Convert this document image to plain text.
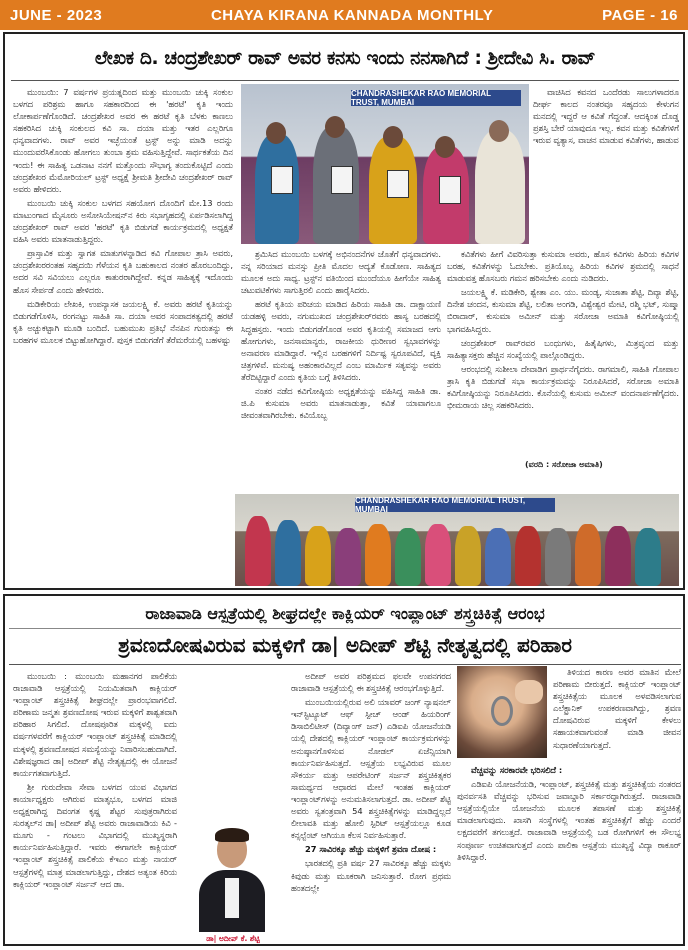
JUNE - 2023	CHAYA KIRANA KANNADA MONTHLY	PAGE - 16
ಲೇಖಕ ದಿ. ಚಂದ್ರಶೇಖರ್ ರಾವ್ ಅವರ ಕನಸು ಇಂದು ನನಸಾಗಿದೆ : ಶ್ರೀದೇವಿ ಸಿ. ರಾವ್

ಮುಂಬಯಿ: 7 ವರ್ಷಗಳ ಪ್ರಯತ್ನದಿಂದ ಮತ್ತು ಮುಂಬಯಿ ಚುಕ್ಕಿ ಸಂಕುಲ ಬಳಗದ ಪರಿಶ್ರಮ ಹಾಗೂ ಸಹಕಾರದಿಂದ ಈ 'ಹರಟೆ' ಕೃತಿ ಇಂದು ಲೋಕಾರ್ಪಣೆಗೊಂಡಿದೆ. ಚಂದ್ರಶೇಖರ ಅವರ ಈ ಹರಟೆ ಕೃತಿ ಬೆಳಕು ಕಾಣಲು ಸಹಕರಿಸಿದ ಚುಕ್ಕಿ ಸಂಕುಲದ ಕವಿ ಸಾ. ದಯಾ ಮತ್ತು ಇತರ ಎಲ್ಲರಿಗೂ ಧನ್ಯವಾದಗಳು. ರಾವ್ ಅವರ ಇಚ್ಛೆಯಂತೆ ಟ್ರಸ್ಟ್ ಅನ್ನು ಮಾಡಿ ಅದನ್ನು ಮುಂದುವರೆಸಿಕೊಂಡು ಹೋಗಲು ತುಂಬಾ ಶ್ರಮ ವಹಿಸುತ್ತಿದ್ದೇವೆ. ಸಾರ್ಥಕತೆಯ ದಿನ ಇಂದು! ಈ ಸಾಹಿತ್ಯ ಒಡನಾಟ ನನಗೆ ಮತ್ತೊಂದು ಸೌಭಾಗ್ಯ ತಂದುಕೊಟ್ಟಿದೆ ಎಂದು ಚಂದ್ರಶೇಖರ ಮೆಮೋರಿಯಲ್ ಟ್ರಸ್ಟ್ ಅಧ್ಯಕ್ಷೆ ಶ್ರೀಮತಿ ಶ್ರೀದೇವಿ ಚಂದ್ರಶೇಖರ್ ರಾವ್ ಅವರು ಹೇಳಿದರು.

ಮುಂಬಯಿ ಚುಕ್ಕಿ ಸಂಕುಲ ಬಳಗದ ಸಹಯೋಗ ದೊಂದಿಗೆ ಮೇ.13 ರಂದು ಮಾಟುಂಗಾದ ಮೈಸೂರು ಅಸೋಸಿಯೇಷನ್‌ನ ಕಿರು ಸಭಾಗೃಹದಲ್ಲಿ ಏರ್ಪಡಿಸಲಾಗಿದ್ದ ಚಂದ್ರಶೇಖರ್ ರಾವ್ ಅವರ 'ಹರಟೆ' ಕೃತಿ ಬಿಡುಗಡೆ ಕಾರ್ಯಕ್ರಮದಲ್ಲಿ ಅಧ್ಯಕ್ಷತೆ ವಹಿಸಿ ಅವರು ಮಾತನಾಡುತ್ತಿದ್ದರು.

ಪ್ರಾಸ್ತಾವಿಕ ಮತ್ತು ಸ್ವಾಗತ ಮಾತುಗಳನ್ನಾಡಿದ ಕವಿ ಗೋಪಾಲ ತ್ರಾಸಿ ಅವರು, ಚಂದ್ರಶೇಖರರಂತಹ ಸಹೃದಯಿ ಗೆಳೆಯನ ಕೃತಿ ಬಹುಕಾಲದ ನಂತರ ಹೊರಬಂದಿದ್ದು, ಅದರ ಸವಿ ಸವಿಯಲು ಎಲ್ಲರೂ ಕಾತುರರಾಗಿದ್ದೇವೆ. ಕನ್ನಡ ಸಾಹಿತ್ಯಕ್ಕೆ ಇದೊಂದು ಹೊಸ ಸೇರ್ಪಡೆ ಎಂದು ಹೇಳಿದರು.

ಮಡಿಕೇರಿಯ ಲೇಖಕಿ, ಉಪನ್ಯಾಸಕ ಜಯಲಕ್ಷ್ಮಿ ಕೆ. ಅವರು ಹರಟೆ ಕೃತಿಯನ್ನು ಬಿಡುಗಡೆಗೊಳಿಸಿ, ರಂಗನಟ್ಟು ಸಾಹಿತಿ ಸಾ. ದಯಾ ಅವರ ಸಂಪಾದಕತ್ವದಲ್ಲಿ ಹರಟೆ ಕೃತಿ ಅಚ್ಚುಕಟ್ಟಾಗಿ ಮೂಡಿ ಬಂದಿದೆ. ಬಹುಮುಖ ಪ್ರತಿಭೆ ನೆನಪಿನ ಗುರುತನ್ನು ಈ ಬರಹಗಳ ಮೂಲಕ ಬಿಟ್ಟುಹೋಗಿದ್ದಾರೆ. ಪುಸ್ತಕ ಬಿಡುಗಡೆಗೆ ತೆರೆಮರೆಯಲ್ಲಿ ಬಹಳಷ್ಟು

CHANDRASHEKAR RAO MEMORIAL TRUST, MUMBAI

ಶ್ರಮಿಸಿದ ಮುಂಬಯಿ ಬಳಗಕ್ಕೆ ಅಭಿನಂದನೆಗಳ ಜೊತೆಗೆ ಧನ್ಯವಾದಗಳು. ನನ್ನ ಸರಿಯಾದ ಮನಸ್ಸು ಪ್ರೀತಿ ಮೊದಲ ಆದ್ಯತೆ ಕೊಡೋಣ. ಸಾಹಿತ್ಯದ ಮೂಲಕ ಅದು ಸಾಧ್ಯ. ಟ್ರಸ್ಟ್‌ನ ವತಿಯಿಂದ ಮುಂದೆಯೂ ಹೀಗೆಯೇ ಸಾಹಿತ್ಯ ಚಟುವಟಿಕೆಗಳು ಸಾಗುತ್ತಿರಲಿ ಎಂದು ಹಾರೈಸಿದರು.

ಹರಟೆ ಕೃತಿಯ ಪರಿಚಯ ಮಾಡಿದ ಹಿರಿಯ ಸಾಹಿತಿ ಡಾ. ದಾಕ್ಷಾಯಣಿ ಯಡಹಳ್ಳಿ ಅವರು, ನಗುಮುಖದ ಚಂದ್ರಶೇಖರ್‌ರವರು ಹಾಸ್ಯ ಬರಹದಲ್ಲಿ ಸಿದ್ಧಹಸ್ತರು. ಇಂದು ಬಿಡುಗಡೆಗೊಂಡ ಅವರ ಕೃತಿಯಲ್ಲಿ ಸಮಾಜದ ಆಗು ಹೋಗುಗಳು, ಜನಸಾಮಾನ್ಯರು, ರಾಜಕೀಯ ಧುರೀಣರ ಸ್ವಭಾವಗಳನ್ನು ಅನಾವರಣ ಮಾಡಿದ್ದಾರೆ. ಇಲ್ಲಿನ ಬರಹಗಳಿಗೆ ನಿರ್ದಿಷ್ಟ ಸ್ವರೂಪವಿದೆ, ವ್ಯಕ್ತಿ ಚಿತ್ರಗಳಿವೆ. ಮನುಷ್ಯ ಅಹಂಕಾರವಿಲ್ಲದೆ ಎಂಬ ಮಾರ್ಮಿಕ ಸತ್ಯವನ್ನು ಅವರು ತೆರೆದಿಟ್ಟಿದ್ದಾರೆ ಎಂದು ಕೃತಿಯ ಬಗ್ಗೆ ತಿಳಿಸಿದರು.

ನಂತರ ನಡೆದ ಕವಿಗೋಷ್ಠಿಯ ಅಧ್ಯಕ್ಷತೆಯನ್ನು ವಹಿಸಿದ್ದ ಸಾಹಿತಿ ಡಾ. ಜಿ.ಪಿ ಕುಸುಮಾ ಅವರು ಮಾತನಾಡುತ್ತಾ, ಕವಿತೆ ಯಾವಾಗಲೂ ಜೀವಂತವಾಗಿರಬೇಕು. ಕವಿಯೊಬ್ಬ

ವಾಚಿಸಿದ ಕವನದ ಒಂದೆರಡು ಸಾಲುಗಳಾದರೂ ದೀರ್ಘ ಕಾಲದ ನಂತರವೂ ಸಹೃದಯ ಕೇಳುಗನ ಮನದಲ್ಲಿ ಇದ್ದರೆ ಆ ಕವಿತೆ ಗೆದ್ದಂತೆ. ಆದಕ್ಕಿಂತ ದೊಡ್ಡ ಪ್ರಶಸ್ತಿ ಬೇರೆ ಯಾವುದೂ ಇಲ್ಲ. ಕವನ ಮತ್ತು ಕವಿತೆಗಳಿಗೆ ಇರುವ ವ್ಯತ್ಯಾಸ, ವಾಚನ ಮಾಡುವ ಕವಿತೆಗಳು, ಹಾಡುವ

ಕವಿತೆಗಳು ಹೀಗೆ ವಿವರಿಸುತ್ತಾ ಕುಸುಮಾ ಅವರು, ಹೊಸ ಕವಿಗಳು ಹಿರಿಯ ಕವಿಗಳ ಬರಹ, ಕವಿತೆಗಳನ್ನು ಓದಬೇಕು. ಪ್ರತಿಯೊಬ್ಬ ಹಿರಿಯ ಕವಿಗಳ ಶ್ರಮದಲ್ಲಿ ಸಾಧನೆ ಮಾಡುವತ್ತ ಹೊಸಬರು ಗಮನ ಹರಿಸಬೇಕು ಎಂದು ನುಡಿದರು.

ಜಯಲಕ್ಷ್ಮಿ ಕೆ. ಮಡಿಕೇರಿ, ಶ್ವೇತಾ ಎಂ. ಯು. ಮಂಡ್ಯ, ಸುಜಾತಾ ಶೆಟ್ಟಿ, ದಿವ್ಯಾ ಶೆಟ್ಟಿ, ದಿನೇಶ ಚಂದನ, ಕುಸುಮಾ ಶೆಟ್ಟಿ, ಲಲಿತಾ ಅಂಗಡಿ, ವಿಶ್ವೇಶ್ವರ ಮೇಟಿ, ರಶ್ಮಿ ಭಟ್, ಸುಷ್ಮಾ ಬಿರಾದಾರ್, ಕುಸುಮಾ ಅಮೀನ್ ಮತ್ತು ಸರೋಜಾ ಅಮಾತಿ ಕವಿಗೋಷ್ಠಿಯಲ್ಲಿ ಭಾಗವಹಿಸಿದ್ದರು.

ಚಂದ್ರಶೇಖರ್ ರಾವ್‌ರವರ ಬಂಧುಗಳು, ಹಿತೈಷಿಗಳು, ಮಿತ್ರವೃಂದ ಮತ್ತು ಸಾಹಿತ್ಯಾಸಕ್ತರು ಹೆಚ್ಚಿನ ಸಂಖ್ಯೆಯಲ್ಲಿ ಪಾಲ್ಗೊಂಡಿದ್ದರು.

ಆರಂಭದಲ್ಲಿ ಸುಶೀಲಾ ದೇವಾಡಿಗ ಪ್ರಾರ್ಥನೆಗೈದರು. ರಾಗಮಾಲಿ, ಸಾಹಿತಿ ಗೋಪಾಲ ತ್ರಾಸಿ ಕೃತಿ ಬಿಡುಗಡೆ ಸಭಾ ಕಾರ್ಯಕ್ರಮವನ್ನು ನಿರೂಪಿಸಿದರೆ, ಸರೋಜಾ ಅಮಾತಿ ಕವಿಗೋಷ್ಠಿಯನ್ನು ನಿರೂಪಿಸಿದರು. ಕೊನೆಯಲ್ಲಿ ಕುಸುಮ ಅಮೀನ್ ವಂದನಾರ್ಪಣೆಗೈದರು. ಭೀಮರಾಯ ಚಿಲ್ಲ ಸಹಕರಿಸಿದರು.

(ವರದಿ : ಸರೋಜಾ ಅಮಾತಿ)
CHANDRASHEKAR RAO MEMORIAL TRUST, MUMBAI
ರಾಜಾವಾಡಿ ಆಸ್ಪತ್ರೆಯಲ್ಲಿ ಶೀಘ್ರದಲ್ಲೇ ಕಾಕ್ಲಿಯರ್ ಇಂಪ್ಲಾಂಟ್ ಶಸ್ತ್ರಚಿಕಿತ್ಸೆ ಆರಂಭ
ಶ್ರವಣದೋಷವಿರುವ ಮಕ್ಕಳಿಗೆ ಡಾ| ಅದೀಪ್ ಶೆಟ್ಟಿ ನೇತೃತ್ವದಲ್ಲಿ ಪರಿಹಾರ

ಮುಂಬಯಿ : ಮುಂಬಯಿ ಮಹಾನಗರ ಪಾಲಿಕೆಯ ರಾಜಾವಾಡಿ ಆಸ್ಪತ್ರೆಯಲ್ಲಿ ನಿಯಮಿತವಾಗಿ ಕಾಕ್ಲಿಯರ್ ಇಂಪ್ಲಾಂಟ್ ಶಸ್ತ್ರಚಿಕಿತ್ಸೆ ಶೀಘ್ರದಲ್ಲೇ ಪ್ರಾರಂಭವಾಗಲಿದೆ. ಪರಿಣಾಮ ಜನ್ಮತಃ ಶ್ರವಣದೋಷ ಇರುವ ಮಕ್ಕಳಿಗೆ ಶಾಶ್ವತವಾಗಿ ಪರಿಹಾರ ಸಿಗಲಿದೆ. ದೋಷಪೂರಿತ ಮಕ್ಕಳಲ್ಲಿ ಐದು ವರ್ಷಗಳವರೆಗೆ ಕಾಕ್ಲಿಯರ್ ಇಂಪ್ಲಾಂಟ್ ಶಸ್ತ್ರಚಿಕಿತ್ಸೆ ಮಾಡಿದಲ್ಲಿ ಮಕ್ಕಳಲ್ಲಿ ಶ್ರವಣದೋಷದ ಸಮಸ್ಯೆಯನ್ನು ನಿವಾರಿಸಬಹುದಾಗಿದೆ. ವಿಶೇಷಜ್ಞರಾದ ಡಾ| ಅದೀಪ್ ಶೆಟ್ಟಿ ನೇತೃತ್ವದಲ್ಲಿ ಈ ಯೋಜನೆ ಕಾರ್ಯಗತವಾಗುತ್ತಿದೆ.

ಶ್ರೀ ಗುರುದೇವಾ ಸೇವಾ ಬಳಗದ ಯುವ ವಿಭಾಗದ ಕಾರ್ಯಾಧ್ಯಕ್ಷರು ಆಗಿರುವ ಮಾತೃಭೂ, ಬಳಗದ ಮಾಜಿ ಅಧ್ಯಕ್ಷರಾಗಿದ್ದ ದಿವಂಗತ ಕೃಷ್ಣ ಶೆಟ್ಟರ ಸುಪುತ್ರರಾಗಿರುವ ಸುರತ್ಕಲ್‌ನ ಡಾ| ಅದೀಪ್ ಶೆಟ್ಟಿ ಅವರು ರಾಜಾವಾಡಿಯ ಕಿವಿ - ಮೂಗು - ಗಂಟಲು ವಿಭಾಗದಲ್ಲಿ ಮುಖ್ಯಸ್ಥರಾಗಿ ಕಾರ್ಯನಿರ್ವಹಿಸುತ್ತಿದ್ದಾರೆ. ಇವರು ಈಗಾಗಲೇ ಕಾಕ್ಲಿಯರ್ ಇಂಪ್ಲಾಂಟ್ ಶಸ್ತ್ರಚಿಕಿತ್ಸೆ ಪಾಲಿಕೆಯ ಕೆಇಎಂ ಮತ್ತು ನಾಯರ್ ಆಸ್ಪತ್ರೆಗಳಲ್ಲಿ ಮಾತ್ರ ಮಾಡಲಾಗುತ್ತಿದ್ದು, ದೇಶದ ಅತ್ಯಂತ ಕಿರಿಯ ಕಾಕ್ಲಿಯರ್ ಇಂಪ್ಲಾಂಟ್ ಸರ್ಜನ್ ಆದ ಡಾ.

ಡಾ| ಅದೀಪ್ ಕೆ. ಶೆಟ್ಟಿ

ಅದೀಪ್ ಅವರ ಪರಿಶ್ರಮದ ಫಲವೇ ಉಪನಗರದ ರಾಜಾವಾಡಿ ಆಸ್ಪತ್ರೆಯಲ್ಲಿ ಈ ಶಸ್ತ್ರಚಿಕಿತ್ಸೆ ಆರಂಭಗೊಳ್ಳುತ್ತಿದೆ.

ಮುಂಬಯಿಯಲ್ಲಿರುವ ಅಲಿ ಯಾವರ್ ಜಂಗ್ ನ್ಯಾಷನಲ್ ಇನ್‌ಸ್ಟಿಟ್ಯೂಟ್ ಆಫ್ ಸ್ಪೀಚ್ ಆಂಡ್ ಹಿಯರಿಂಗ್ ಡಿಸಾಬಿಲಿಟೀಸ್ (ದಿವ್ಯಾಂಗ್ ಜನ್) ಎಡಿಐಪಿ ಯೋಜನೆಯಡಿ ಯಲ್ಲಿ ದೇಶದಲ್ಲಿ ಕಾಕ್ಲಿಯರ್ ಇಂಪ್ಲಾಂಟ್ ಕಾರ್ಯಕ್ರಮಗಳನ್ನು ಅನುಷ್ಠಾನಗೊಳಿಸುವ ನೋಡಲ್ ಏಜೆನ್ಸಿಯಾಗಿ ಕಾರ್ಯನಿರ್ವಹಿಸುತ್ತದೆ. ಆಸ್ಪತ್ರೆಯ ಲಭ್ಯವಿರುವ ಮೂಲ ಸೌಕರ್ಯ ಮತ್ತು ಆಪರೇಟಿಂಗ್ ಸರ್ಜನ್ ಶಸ್ತ್ರಚಿಕಿತ್ಸಕರ ಸಾಮರ್ಥ್ಯದ ಆಧಾರದ ಮೇಲೆ ಇಂತಹ ಕಾಕ್ಲಿಯರ್ ಇಂಪ್ಲಾಂಟ್‌ಗಳನ್ನು ಅನುಮತಿಸಲಾಗುತ್ತದೆ. ಡಾ. ಅದೀಪ್ ಶೆಟ್ಟಿ ಅವರು ಸ್ವತಂತ್ರವಾಗಿ 54 ಶಸ್ತ್ರಚಿಕಿತ್ಸೆಗಳನ್ನು ಮಾಡಿದ್ದಲ್ಲದೆ ಲೀಲಾವತಿ ಮತ್ತು ಹೋಲಿ ಸ್ಪಿರಿಟ್ ಆಸ್ಪತ್ರೆಯಲ್ಲೂ ಕೂಡ ಕನ್ಸಲ್ಟೆಂಟ್ ಆಗಿಯೂ ಕೆಲಸ ನಿರ್ವಹಿಸುತ್ತಾರೆ.

27 ಸಾವಿರಕ್ಕೂ ಹೆಚ್ಚು ಮಕ್ಕಳಿಗೆ ಶ್ರವಣ ದೋಷ :

ಭಾರತದಲ್ಲಿ ಪ್ರತಿ ವರ್ಷ 27 ಸಾವಿರಕ್ಕೂ ಹೆಚ್ಚು ಮಕ್ಕಳು ಕಿವುಡು ಮತ್ತು ಮೂಕರಾಗಿ ಜನಿಸುತ್ತಾರೆ. ರೋಗ ಪ್ರಥಮ ಹಂತದಲ್ಲೇ

ತಿಳಿಯದ ಕಾರಣ ಅವರ ಮಾತಿನ ಮೇಲೆ ಪರಿಣಾಮ ಬೀರುತ್ತದೆ. ಕಾಕ್ಲಿಯರ್ ಇಂಪ್ಲಾಂಟ್ ಶಸ್ತ್ರಚಿಕಿತ್ಸೆಯ ಮೂಲಕ ಅಳವಡಿಸಲಾಗುವ ಎಲೆಕ್ಟ್ರಾನಿಕ್ ಉಪಕರಣವಾಗಿದ್ದು, ಶ್ರವಣ ದೋಷವಿರುವ ಮಕ್ಕಳಿಗೆ ಕೇಳಲು ಸಹಾಯಕವಾಗುವಂತೆ ಮಾಡಿ ಜೀವನ ಸುಧಾರಣೆಯಾಗುತ್ತದೆ.

ವೆಚ್ಚವನ್ನು ಸರಕಾರವೇ ಭರಿಸಲಿದೆ :

ಎಡಿಐಪಿ ಯೋಜನೆಯಡಿ, ಇಂಪ್ಲಾಂಟ್, ಶಸ್ತ್ರಚಿಕಿತ್ಸೆ ಮತ್ತು ಶಸ್ತ್ರಚಿಕಿತ್ಸೆಯ ನಂತರದ ಪುನರ್ವಸತಿ ವೆಚ್ಚವನ್ನು ಭರಿಸುವ ಜವಾಬ್ದಾರಿ ಸರ್ಕಾರದ್ದಾಗಿರುತ್ತದೆ. ರಾಜಾವಾಡಿ ಆಸ್ಪತ್ರೆಯಲ್ಲಿಯೇ ಯೋಜನೆಯ ಮೂಲಕ ತಪಾಸಣೆ ಮತ್ತು ಶಸ್ತ್ರಚಿಕಿತ್ಸೆ ಮಾಡಲಾಗುವುದು. ಖಾಸಗಿ ಸಂಸ್ಥೆಗಳಲ್ಲಿ ಇಂತಹ ಶಸ್ತ್ರಚಿಕಿತ್ಸೆಗೆ ಹೆಚ್ಚು ಎಂದರೆ ಲಕ್ಷದವರೆಗೆ ತಗಲುತ್ತದೆ. ರಾಜಾವಾಡಿ ಆಸ್ಪತ್ರೆಯಲ್ಲಿ ಬಡ ರೋಗಿಗಳಿಗೆ ಈ ಸೌಲಭ್ಯ ಸಂಪೂರ್ಣ ಉಚಿತವಾಗುತ್ತದೆ ಎಂದು ಪಾಲಿಕಾ ಆಸ್ಪತ್ರೆಯ ಮುಖ್ಯಸ್ಥೆ ವಿದ್ಯಾ ಠಾಕೂರ್ ತಿಳಿಸಿದ್ದಾರೆ.
